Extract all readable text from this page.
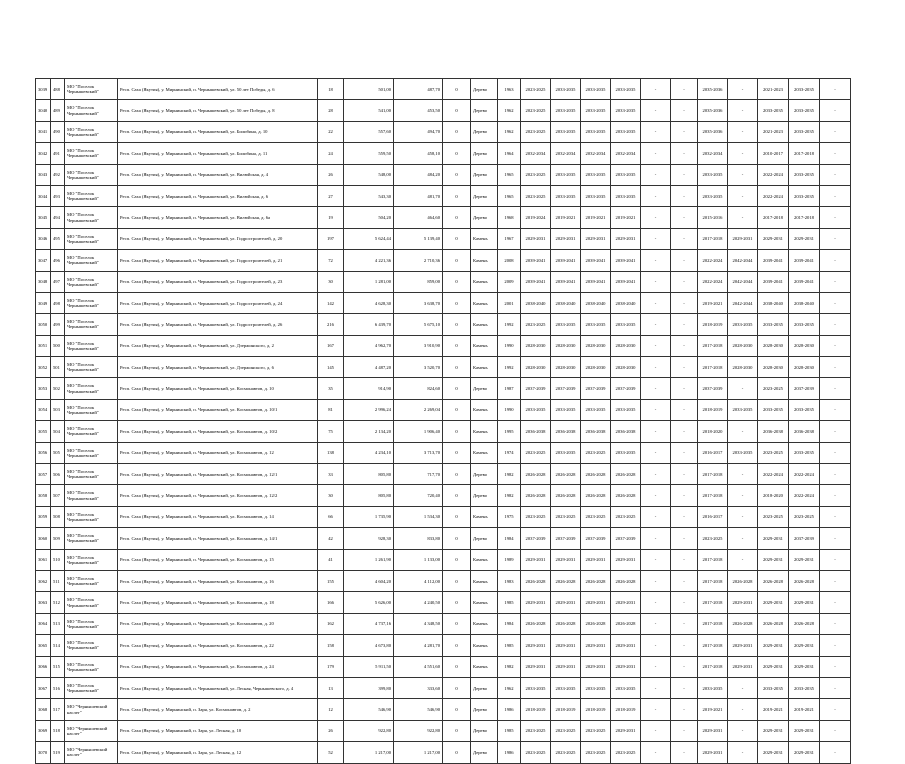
3039	488	МО "Поселок Чернышевский"	Респ. Саха (Якутия), у. Мирнинский, п. Чернышевский, ул. 50 лет Победы, д. 6	18	501,00	487,70	0	Дерево	1963	2023-2025	2033-2035	2033-2035	2033-2035	-	-	2035-2036	-	2021-2023	2033-2035	-
3040	489	МО "Поселок Чернышевский"	Респ. Саха (Якутия), у. Мирнинский, п. Чернышевский, ул. 50 лет Победы, д. 8	28	541,00	453,50	0	Дерево	1962	2023-2025	2033-2035	2033-2035	2033-2035	-	-	2035-2036	-	2033-2035	2033-2035	-
3041	490	МО "Поселок Чернышевский"	Респ. Саха (Якутия), у. Мирнинский, п. Чернышевский, ул. Билибина, д. 10	22	557,60	494,70	0	Дерево	1962	2023-2025	2033-2035	2033-2035	2033-2035	-	-	2035-2036	-	2021-2023	2033-2035	-
3042	491	МО "Поселок Чернышевский"	Респ. Саха (Якутия), у. Мирнинский, п. Чернышевский, ул. Билибина, д. 11	24	559,50	458,10	0	Дерево	1964	2032-2034	2032-2034	2032-2034	2032-2034	-	-	2032-2034	-	2010-2017	2017-2018	-
3043	492	МО "Поселок Чернышевский"	Респ. Саха (Якутия), у. Мирнинский, п. Чернышевский, ул. Вилюйская, д. 4	26	548,00	484,20	0	Дерево	1965	2023-2025	2033-2035	2033-2035	2033-2035	-	-	2033-2035	-	2022-2024	2033-2035	-
3044	493	МО "Поселок Чернышевский"	Респ. Саха (Якутия), у. Мирнинский, п. Чернышевский, ул. Вилюйская, д. 6	27	543,30	481,70	0	Дерево	1965	2023-2025	2033-2035	2033-2035	2033-2035	-	-	2033-2035	-	2022-2024	2033-2035	-
3045	494	МО "Поселок Чернышевский"	Респ. Саха (Якутия), у. Мирнинский, п. Чернышевский, ул. Вилюйская, д. 6а	19	504,20	464,60	0	Дерево	1968	2019-2024	2019-2021	2019-2021	2019-2021	-	-	2015-2016	-	2017-2018	2017-2018	-
3046	495	МО "Поселок Чернышевский"	Респ. Саха (Якутия), у. Мирнинский, п. Чернышевский, ул. Гидростроителей, д. 20	197	5 624,44	5 139,40	0	Камень	1967	2029-2031	2029-2031	2029-2031	2029-2031	-	-	2017-2018	2029-2031	2029-2031	2029-2031	-
3047	496	МО "Поселок Чернышевский"	Респ. Саха (Якутия), у. Мирнинский, п. Чернышевский, ул. Гидростроителей, д. 21	72	4 221,36	2 710,36	0	Камень	2008	2039-2041	2039-2041	2039-2041	2039-2041	-	-	2022-2024	2042-2044	2039-2041	2039-2041	-
3048	497	МО "Поселок Чернышевский"	Респ. Саха (Якутия), у. Мирнинский, п. Чернышевский, ул. Гидростроителей, д. 23	30	1 281,00	859,00	0	Камень	2009	2039-2041	2039-2041	2039-2041	2039-2041	-	-	2022-2024	2042-2044	2039-2041	2039-2041	-
3049	498	МО "Поселок Чернышевский"	Респ. Саха (Якутия), у. Мирнинский, п. Чернышевский, ул. Гидростроителей, д. 24	142	4 628,30	3 638,70	0	Камень	2001	2038-2040	2038-2040	2038-2040	2038-2040	-	-	2019-2021	2042-2044	2038-2040	2038-2040	-
3050	499	МО "Поселок Чернышевский"	Респ. Саха (Якутия), у. Мирнинский, п. Чернышевский, ул. Гидростроителей, д. 26	216	6 439,70	5 675,10	0	Камень	1992	2023-2025	2033-2035	2033-2035	2033-2035	-	-	2018-2019	2033-2035	2033-2035	2033-2035	-
3051	500	МО "Поселок Чернышевский"	Респ. Саха (Якутия), у. Мирнинский, п. Чернышевский, ул. Дзержинского, д. 2	167	4 962,70	3 910,90	0	Камень	1990	2028-2030	2028-2030	2028-2030	2028-2030	-	-	2017-2018	2028-2030	2028-2030	2028-2030	-
3052	501	МО "Поселок Чернышевский"	Респ. Саха (Якутия), у. Мирнинский, п. Чернышевский, ул. Дзержинского, д. 6	145	4 487,20	3 520,70	0	Камень	1992	2028-2030	2028-2030	2028-2030	2028-2030	-	-	2017-2018	2028-2030	2028-2030	2028-2030	-
3053	502	МО "Поселок Чернышевский"	Респ. Саха (Якутия), у. Мирнинский, п. Чернышевский, ул. Космонавтов, д. 10	35	914,90	824,60	0	Дерево	1987	2037-2039	2037-2039	2037-2039	2037-2039	-	-	2037-2039	-	2023-2025	2037-2039	-
3054	503	МО "Поселок Чернышевский"	Респ. Саха (Якутия), у. Мирнинский, п. Чернышевский, ул. Космонавтов, д. 10/1	81	2 996,24	2 269,04	0	Камень	1990	2033-2035	2033-2035	2033-2035	2033-2035	-	-	2018-2019	2033-2035	2033-2035	2033-2035	-
3055	504	МО "Поселок Чернышевский"	Респ. Саха (Якутия), у. Мирнинский, п. Чернышевский, ул. Космонавтов, д. 10/2	75	2 134,20	1 906,40	0	Камень	1995	2036-2038	2036-2038	2036-2038	2036-2038	-	-	2018-2020	-	2036-2038	2036-2038	-
3056	505	МО "Поселок Чернышевский"	Респ. Саха (Якутия), у. Мирнинский, п. Чернышевский, ул. Космонавтов, д. 12	138	4 234,10	3 713,70	0	Камень	1974	2023-2025	2033-2035	2023-2025	2033-2035	-	-	2016-2017	2033-2035	2023-2025	2033-2035	-
3057	506	МО "Поселок Чернышевский"	Респ. Саха (Якутия), у. Мирнинский, п. Чернышевский, ул. Космонавтов, д. 12/1	33	805,80	717,70	0	Дерево	1982	2026-2028	2026-2028	2026-2028	2026-2028	-	-	2017-2018	-	2022-2024	2022-2024	-
3058	507	МО "Поселок Чернышевский"	Респ. Саха (Якутия), у. Мирнинский, п. Чернышевский, ул. Космонавтов, д. 12/2	30	805,80	720,40	0	Дерево	1982	2026-2028	2026-2028	2026-2028	2026-2028	-	-	2017-2018	-	2018-2020	2022-2024	-
3059	508	МО "Поселок Чернышевский"	Респ. Саха (Якутия), у. Мирнинский, п. Чернышевский, ул. Космонавтов, д. 14	66	1 735,90	1 534,30	0	Камень	1975	2023-2025	2023-2025	2023-2025	2023-2025	-	-	2016-2017	-	2023-2025	2023-2025	-
3060	509	МО "Поселок Чернышевский"	Респ. Саха (Якутия), у. Мирнинский, п. Чернышевский, ул. Космонавтов, д. 14/1	42	928,30	833,80	0	Дерево	1984	2037-2039	2037-2039	2037-2039	2037-2039	-	-	2023-2025	-	2029-2031	2037-2039	-
3061	510	МО "Поселок Чернышевский"	Респ. Саха (Якутия), у. Мирнинский, п. Чернышевский, ул. Космонавтов, д. 15	41	1 261,90	1 133,00	0	Камень	1989	2029-2031	2029-2031	2029-2031	2029-2031	-	-	2017-2018	-	2029-2031	2029-2031	-
3062	511	МО "Поселок Чернышевский"	Респ. Саха (Якутия), у. Мирнинский, п. Чернышевский, ул. Космонавтов, д. 16	155	4 604,20	4 112,00	0	Камень	1983	2026-2028	2026-2028	2026-2028	2026-2028	-	-	2017-2018	2026-2028	2026-2028	2026-2028	-
3063	512	МО "Поселок Чернышевский"	Респ. Саха (Якутия), у. Мирнинский, п. Чернышевский, ул. Космонавтов, д. 18	166	5 626,00	4 240,50	0	Камень	1985	2029-2031	2029-2031	2029-2031	2029-2031	-	-	2017-2018	2029-2031	2029-2031	2029-2031	-
3064	513	МО "Поселок Чернышевский"	Респ. Саха (Якутия), у. Мирнинский, п. Чернышевский, ул. Космонавтов, д. 20	162	4 737,16	4 348,50	0	Камень	1984	2026-2028	2026-2028	2026-2028	2026-2028	-	-	2017-2018	2026-2028	2026-2028	2026-2028	-
3065	514	МО "Поселок Чернышевский"	Респ. Саха (Якутия), у. Мирнинский, п. Чернышевский, ул. Космонавтов, д. 22	158	4 673,80	4 281,70	0	Камень	1985	2029-2031	2029-2031	2029-2031	2029-2031	-	-	2017-2018	2029-2031	2029-2031	2029-2031	-
3066	515	МО "Поселок Чернышевский"	Респ. Саха (Якутия), у. Мирнинский, п. Чернышевский, ул. Космонавтов, д. 24	179	5 911,50	4 551,60	0	Камень	1982	2029-2031	2029-2031	2029-2031	2029-2031	-	-	2017-2018	2029-2031	2029-2031	2029-2031	-
3067	516	МО "Поселок Чернышевский"	Респ. Саха (Якутия), у. Мирнинский, п. Чернышевский, ул. Лесная, Чернышевского, д. 4	13	399,80	333,60	0	Дерево	1962	2033-2035	2033-2035	2033-2035	2033-2035	-	-	2033-2035	-	2033-2035	2033-2035	-
3068	517	МО "Чернышевский наслег"	Респ. Саха (Якутия), у. Мирнинский, п. Заря, ул. Космонавтов, д. 2	12	546,90	546,90	0	Дерево	1986	2018-2019	2018-2019	2018-2019	2018-2019	-	-	2019-2021	-	2019-2021	2019-2021	-
3069	518	МО "Чернышевский наслег"	Респ. Саха (Якутия), у. Мирнинский, п. Заря, ул. Лесная, д. 10	26	922,80	922,80	0	Дерево	1985	2023-2025	2023-2025	2023-2025	2029-2031	-	-	2029-2031	-	2029-2031	2029-2031	-
3070	519	МО "Чернышевский наслег"	Респ. Саха (Якутия), у. Мирнинский, п. Заря, ул. Лесная, д. 12	52	1 217,00	1 217,00	0	Дерево	1986	2023-2025	2023-2025	2023-2025	2023-2025	-	-	2029-2031	-	2029-2031	2029-2031	-
